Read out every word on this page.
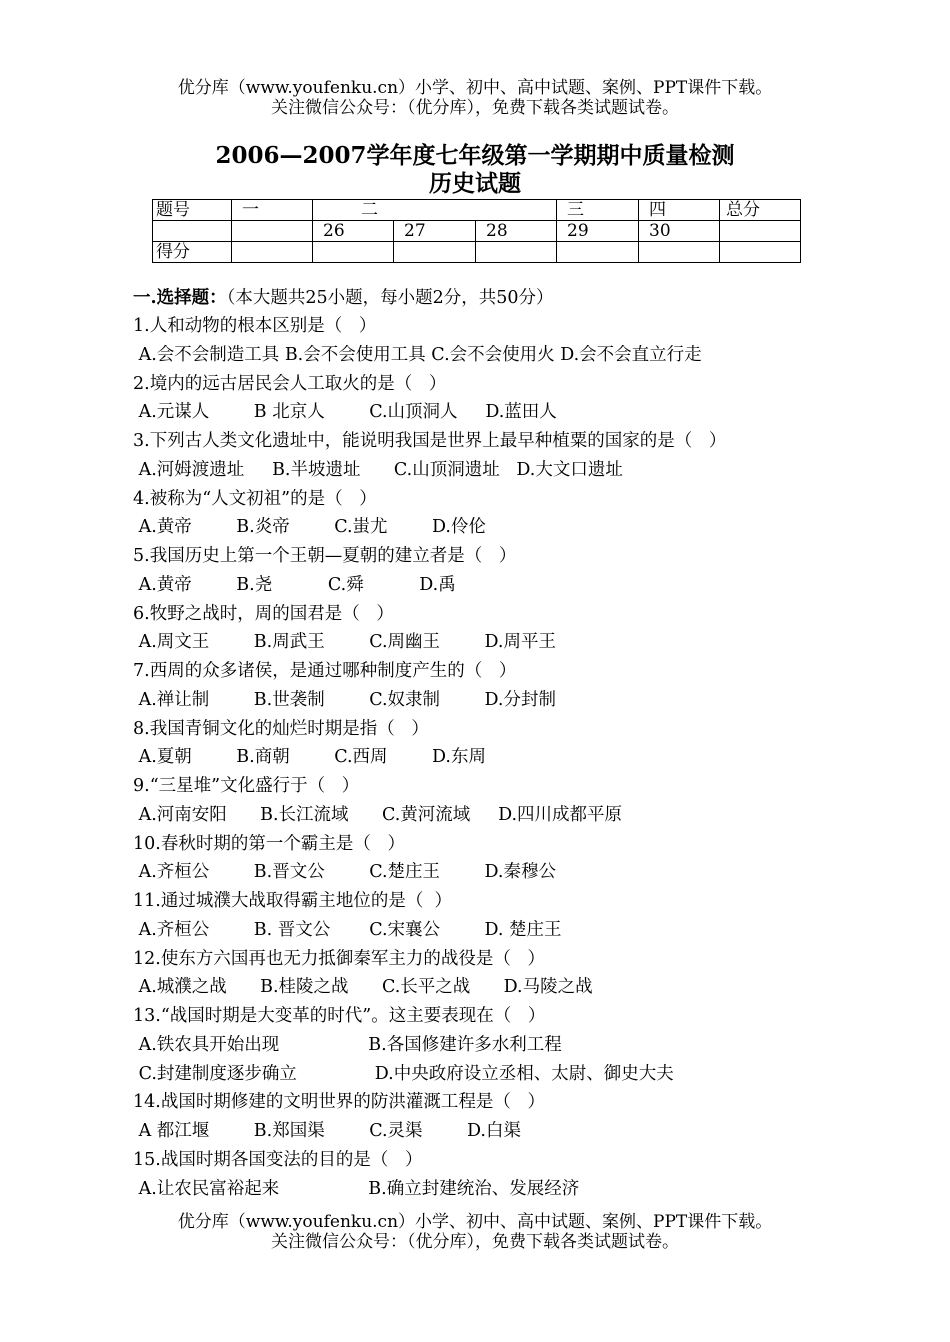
优分库（www.youfenku.cn）小学、初中、高中试题、案例、PPT课件下载。
关注微信公众号：（优分库），免费下载各类试题试卷。
2006—2007学年度七年级第一学期期中质量检测
历史试题
题号	一	二			三	四	总分
		26	27	28	29	30	
得分							
一.选择题：（本大题共25小题，每小题2分，共50分）
1.人和动物的根本区别是（   ）
A.会不会制造工具 B.会不会使用工具 C.会不会使用火 D.会不会直立行走
2.境内的远古居民会人工取火的是（   ）
A.元谋人        B 北京人        C.山顶洞人     D.蓝田人
3.下列古人类文化遗址中，能说明我国是世界上最早种植粟的国家的是（   ）
A.河姆渡遗址     B.半坡遗址      C.山顶洞遗址   D.大文口遗址
4.被称为“人文初祖”的是（   ）
A.黄帝        B.炎帝        C.蚩尤        D.伶伦
5.我国历史上第一个王朝—夏朝的建立者是（   ）
A.黄帝        B.尧          C.舜          D.禹
6.牧野之战时，周的国君是（   ）
A.周文王        B.周武王        C.周幽王        D.周平王
7.西周的众多诸侯，是通过哪种制度产生的（   ）
A.禅让制        B.世袭制        C.奴隶制        D.分封制
8.我国青铜文化的灿烂时期是指（   ）
A.夏朝        B.商朝        C.西周        D.东周
9.“三星堆”文化盛行于（   ）
A.河南安阳      B.长江流域      C.黄河流域     D.四川成都平原
10.春秋时期的第一个霸主是（   ）
A.齐桓公        B.晋文公        C.楚庄王        D.秦穆公
11.通过城濮大战取得霸主地位的是（  ）
A.齐桓公        B. 晋文公       C.宋襄公        D. 楚庄王
12.使东方六国再也无力抵御秦军主力的战役是（   ）
A.城濮之战      B.桂陵之战      C.长平之战      D.马陵之战
13.“战国时期是大变革的时代”。这主要表现在（   ）
A.铁农具开始出现                B.各国修建许多水利工程
C.封建制度逐步确立              D.中央政府设立丞相、太尉、御史大夫
14.战国时期修建的文明世界的防洪灌溉工程是（   ）
A 都江堰        B.郑国渠        C.灵渠        D.白渠
15.战国时期各国变法的目的是（   ）
A.让农民富裕起来                B.确立封建统治、发展经济
优分库（www.youfenku.cn）小学、初中、高中试题、案例、PPT课件下载。
关注微信公众号：（优分库），免费下载各类试题试卷。
